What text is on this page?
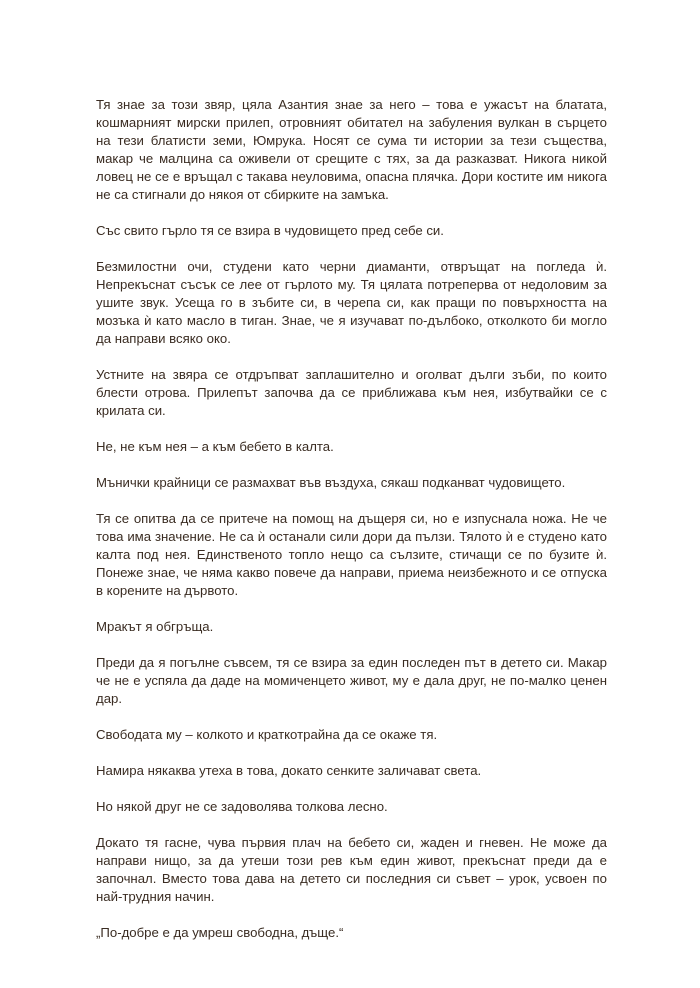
Тя знае за този звяр, цяла Азантия знае за него – това е ужасът на блатата, кошмарният мирски прилеп, отровният обитател на забуления вулкан в сърцето на тези блатисти земи, Юмрука. Носят се сума ти истории за тези същества, макар че малцина са оживели от срещите с тях, за да разказват. Никога никой ловец не се е връщал с такава неуловима, опасна плячка. Дори костите им никога не са стигнали до някоя от сбирките на замъка.

Със свито гърло тя се взира в чудовището пред себе си.

Безмилостни очи, студени като черни диаманти, отвръщат на погледа ѝ. Непрекъснат съсък се лее от гърлото му. Тя цялата потреперва от недоловим за ушите звук. Усеща го в зъбите си, в черепа си, как пращи по повърхността на мозъка ѝ като масло в тиган. Знае, че я изучават по-дълбоко, отколкото би могло да направи всяко око.

Устните на звяра се отдръпват заплашително и оголват дълги зъби, по които блести отрова. Прилепът започва да се приближава към нея, избутвайки се с крилата си.

Не, не към нея – а към бебето в калта.

Мънички крайници се размахват във въздуха, сякаш подканват чудовището.

Тя се опитва да се притече на помощ на дъщеря си, но е изпуснала ножа. Не че това има значение. Не са ѝ останали сили дори да пълзи. Тялото ѝ е студено като калта под нея. Единственото топло нещо са сълзите, стичащи се по бузите ѝ. Понеже знае, че няма какво повече да направи, приема неизбежното и се отпуска в корените на дървото.

Мракът я обгръща.

Преди да я погълне съвсем, тя се взира за един последен път в детето си. Макар че не е успяла да даде на момиченцето живот, му е дала друг, не по-малко ценен дар.

Свободата му – колкото и краткотрайна да се окаже тя.

Намира някаква утеха в това, докато сенките заличават света.

Но някой друг не се задоволява толкова лесно.

Докато тя гасне, чува първия плач на бебето си, жаден и гневен. Не може да направи нищо, за да утеши този рев към един живот, прекъснат преди да е започнал. Вместо това дава на детето си последния си съвет – урок, усвоен по най-трудния начин.

„По-добре е да умреш свободна, дъще.“
